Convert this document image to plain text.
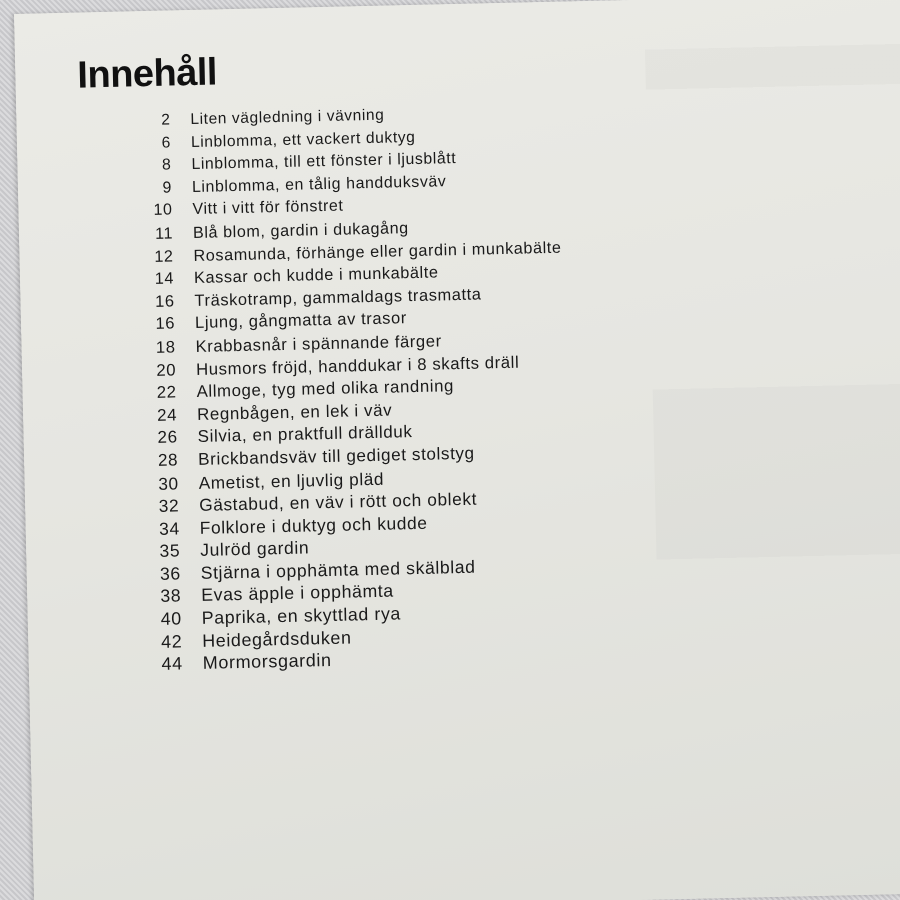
Innehåll
2 Liten vägledning i vävning
6 Linblomma, ett vackert duktyg
8 Linblomma, till ett fönster i ljusblått
9 Linblomma, en tålig handduksväv
10 Vitt i vitt för fönstret
11 Blå blom, gardin i dukagång
12 Rosamunda, förhänge eller gardin i munkabälte
14 Kassar och kudde i munkabälte
16 Träskotramp, gammaldags trasmatta
16 Ljung, gångmatta av trasor
18 Krabbasnår i spännande färger
20 Husmors fröjd, handdukar i 8 skafts dräll
22 Allmoge, tyg med olika randning
24 Regnbågen, en lek i väv
26 Silvia, en praktfull drällduk
28 Brickbandsväv till gediget stolstyg
30 Ametist, en ljuvlig pläd
32 Gästabud, en väv i rött och oblekt
34 Folklore i duktyg och kudde
35 Julröd gardin
36 Stjärna i opphämta med skälblad
38 Evas äpple i opphämta
40 Paprika, en skyttlad rya
42 Heidegårdsduken
44 Mormorsgardin
